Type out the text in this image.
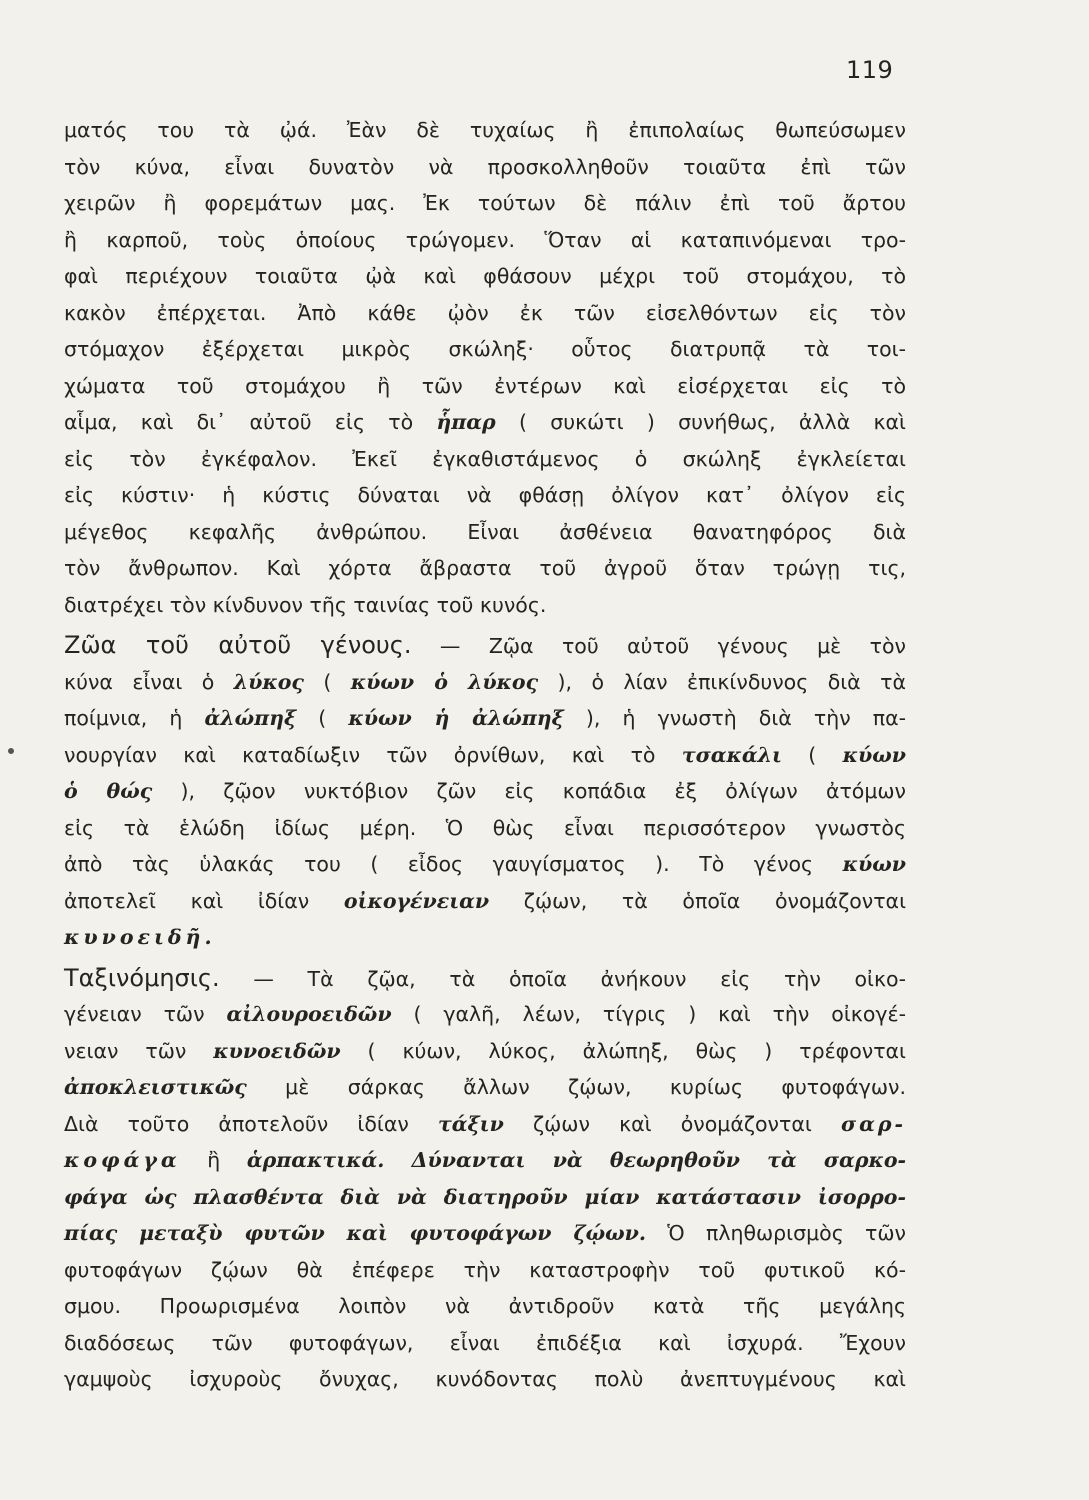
119
ματός του τὰ ᾠά. Ἐὰν δὲ τυχαίως ἢ ἐπιπολαίως θωπεύσωμεν
τὸν κύνα, εἶναι δυνατὸν νὰ προσκολληθοῦν τοιαῦτα ἐπὶ τῶν
χειρῶν ἢ φορεμάτων μας. Ἐκ τούτων δὲ πάλιν ἐπὶ τοῦ ἄρτου
ἢ καρποῦ, τοὺς ὁποίους τρώγομεν. Ὅταν αἱ καταπινόμεναι τρο-
φαὶ περιέχουν τοιαῦτα ᾠὰ καὶ φθάσουν μέχρι τοῦ στομάχου, τὸ
κακὸν ἐπέρχεται. Ἀπὸ κάθε ᾠὸν ἐκ τῶν εἰσελθόντων εἰς τὸν
στόμαχον ἐξέρχεται μικρὸς σκώληξ· οὗτος διατρυπᾷ τὰ τοι-
χώματα τοῦ στομάχου ἢ τῶν ἐντέρων καὶ εἰσέρχεται εἰς τὸ
αἷμα, καὶ δι᾽ αὐτοῦ εἰς τὸ ἧπαρ ( συκώτι ) συνήθως, ἀλλὰ καὶ
εἰς τὸν ἐγκέφαλον. Ἐκεῖ ἐγκαθιστάμενος ὁ σκώληξ ἐγκλείεται
εἰς κύστιν· ἡ κύστις δύναται νὰ φθάσῃ ὀλίγον κατ᾽ ὀλίγον εἰς
μέγεθος κεφαλῆς ἀνθρώπου. Εἶναι ἀσθένεια θανατηφόρος διὰ
τὸν ἄνθρωπον. Καὶ χόρτα ἄβραστα τοῦ ἀγροῦ ὅταν τρώγῃ τις,
διατρέχει τὸν κίνδυνον τῆς ταινίας τοῦ κυνός.
Ζῶα τοῦ αὐτοῦ γένους. — Ζῷα τοῦ αὐτοῦ γένους μὲ τὸν
κύνα εἶναι ὁ λύκος ( κύων ὁ λύκος ), ὁ λίαν ἐπικίνδυνος διὰ τὰ
ποίμνια, ἡ ἀλώπηξ ( κύων ἡ ἀλώπηξ ), ἡ γνωστὴ διὰ τὴν πα-
νουργίαν καὶ καταδίωξιν τῶν ὀρνίθων, καὶ τὸ τσακάλι ( κύων
ὁ θώς ), ζῷον νυκτόβιον ζῶν εἰς κοπάδια ἐξ ὀλίγων ἀτόμων
εἰς τὰ ἑλώδη ἰδίως μέρη. Ὁ θὼς εἶναι περισσότερον γνωστὸς
ἀπὸ τὰς ὑλακάς του ( εἶδος γαυγίσματος ). Τὸ γένος κύων
ἀποτελεῖ καὶ ἰδίαν οἰκογένειαν ζῴων, τὰ ὁποῖα ὀνομάζονται
κυνοειδῆ.
Ταξινόμησις. — Τὰ ζῷα, τὰ ὁποῖα ἀνήκουν εἰς τὴν οἰκο-
γένειαν τῶν αἰλουροειδῶν ( γαλῆ, λέων, τίγρις ) καὶ τὴν οἰκογέ-
νειαν τῶν κυνοειδῶν ( κύων, λύκος, ἀλώπηξ, θὼς ) τρέφονται
ἀποκλειστικῶς μὲ σάρκας ἄλλων ζῴων, κυρίως φυτοφάγων.
Διὰ τοῦτο ἀποτελοῦν ἰδίαν τάξιν ζῴων καὶ ὀνομάζονται σαρ-
κοφάγα ἢ ἁρπακτικά. Δύνανται νὰ θεωρηθοῦν τὰ σαρκο-
φάγα ὡς πλασθέντα διὰ νὰ διατηροῦν μίαν κατάστασιν ἰσορρο-
πίας μεταξὺ φυτῶν καὶ φυτοφάγων ζῴων. Ὁ πληθωρισμὸς τῶν
φυτοφάγων ζῴων θὰ ἐπέφερε τὴν καταστροφὴν τοῦ φυτικοῦ κό-
σμου. Προωρισμένα λοιπὸν νὰ ἀντιδροῦν κατὰ τῆς μεγάλης
διαδόσεως τῶν φυτοφάγων, εἶναι ἐπιδέξια καὶ ἰσχυρά. Ἔχουν
γαμψοὺς ἰσχυροὺς ὄνυχας, κυνόδοντας πολὺ ἀνεπτυγμένους καὶ
